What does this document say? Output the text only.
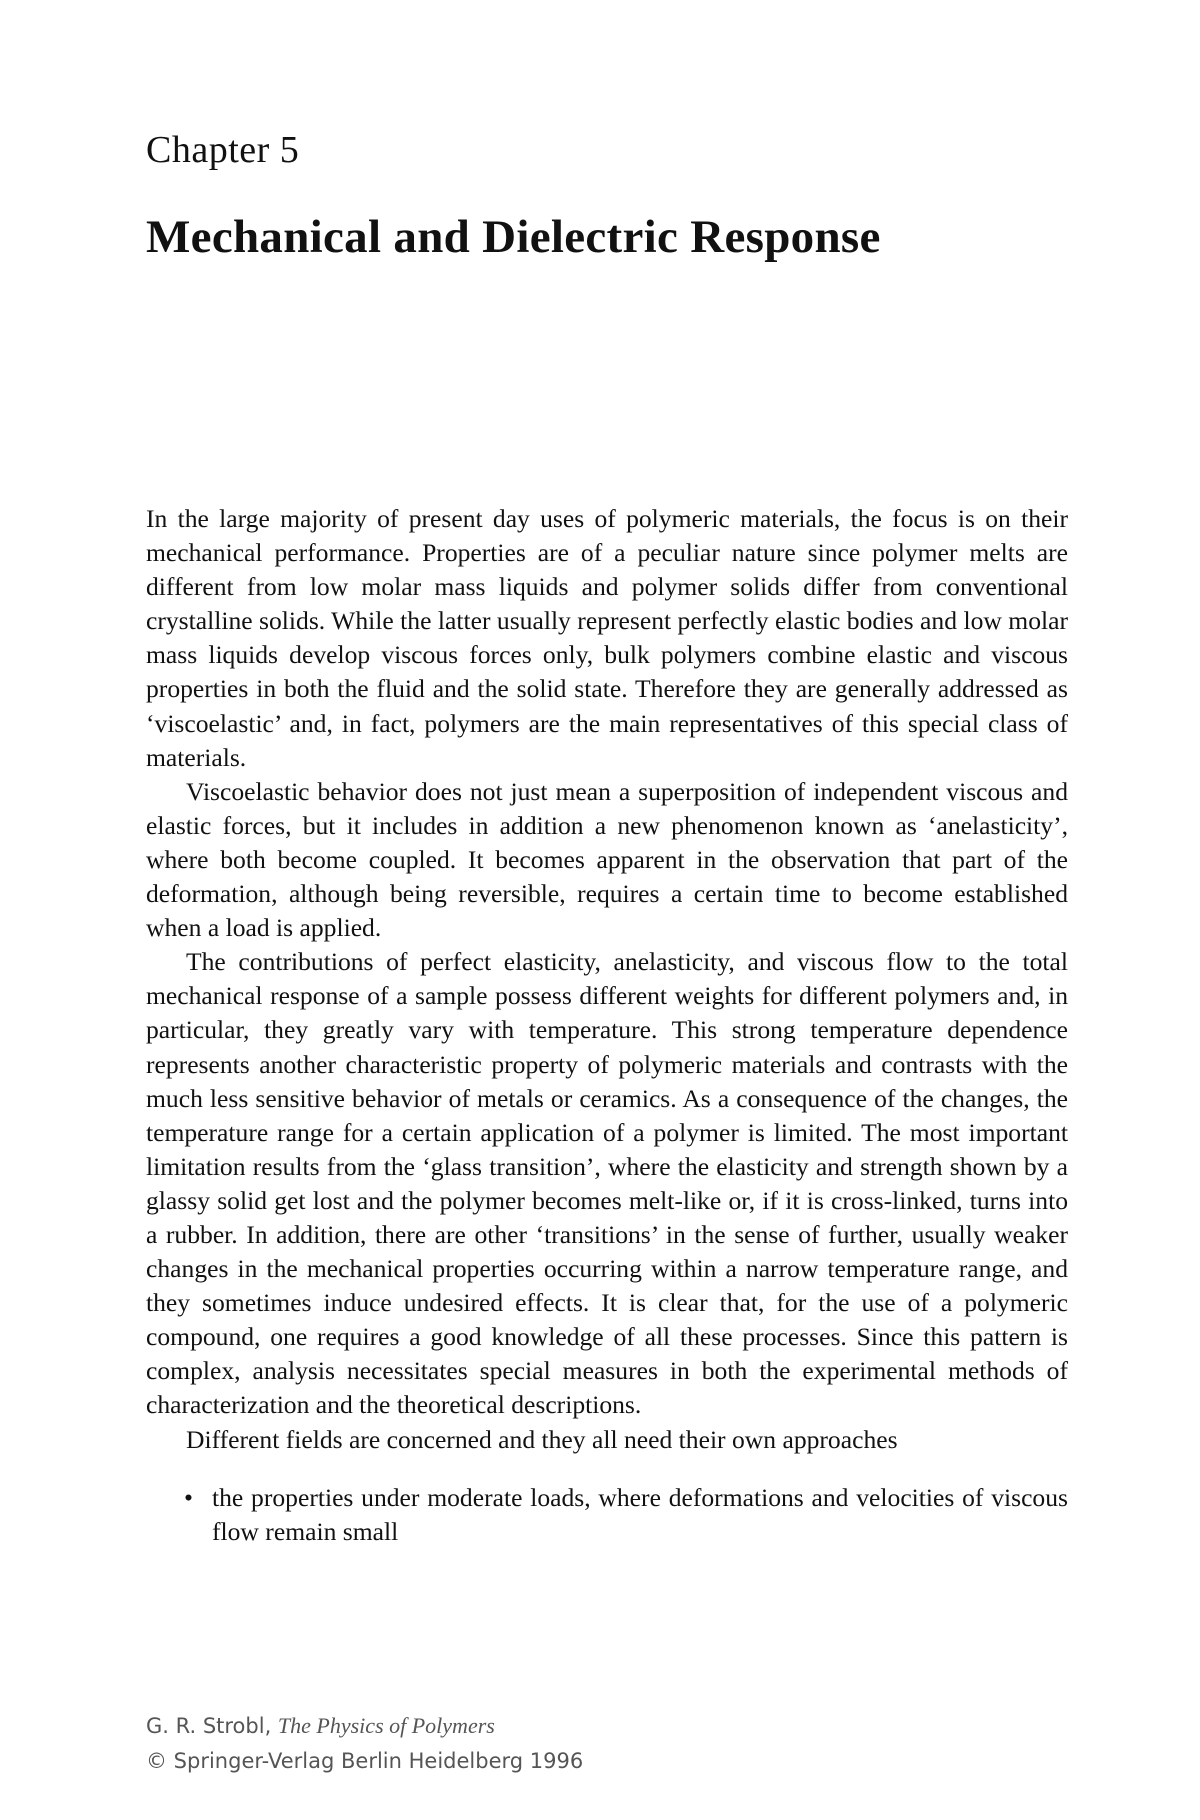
Chapter 5
Mechanical and Dielectric Response

In the large majority of present day uses of polymeric materials, the focus is on their mechanical performance. Properties are of a peculiar nature since polymer melts are different from low molar mass liquids and polymer solids differ from conventional crystalline solids. While the latter usually represent perfectly elastic bodies and low molar mass liquids develop viscous forces only, bulk polymers combine elastic and viscous properties in both the fluid and the solid state. Therefore they are generally addressed as ‘viscoelastic’ and, in fact, polymers are the main representatives of this special class of materials.

Viscoelastic behavior does not just mean a superposition of independent viscous and elastic forces, but it includes in addition a new phenomenon known as ‘anelasticity’, where both become coupled. It becomes apparent in the observation that part of the deformation, although being reversible, requires a certain time to become established when a load is applied.

The contributions of perfect elasticity, anelasticity, and viscous flow to the total mechanical response of a sample possess different weights for different polymers and, in particular, they greatly vary with temperature. This strong temperature dependence represents another characteristic property of polymeric materials and contrasts with the much less sensitive behavior of metals or ceramics. As a consequence of the changes, the temperature range for a certain application of a polymer is limited. The most important limitation results from the ‘glass transition’, where the elasticity and strength shown by a glassy solid get lost and the polymer becomes melt-like or, if it is cross-linked, turns into a rubber. In addition, there are other ‘transitions’ in the sense of further, usually weaker changes in the mechanical properties occurring within a narrow temperature range, and they sometimes induce undesired effects. It is clear that, for the use of a polymeric compound, one requires a good knowledge of all these processes. Since this pattern is complex, analysis necessitates special measures in both the experimental methods of characterization and the theoretical descriptions.

Different fields are concerned and they all need their own approaches

• the properties under moderate loads, where deformations and velocities of viscous flow remain small
G. R. Strobl, The Physics of Polymers
© Springer-Verlag Berlin Heidelberg 1996
